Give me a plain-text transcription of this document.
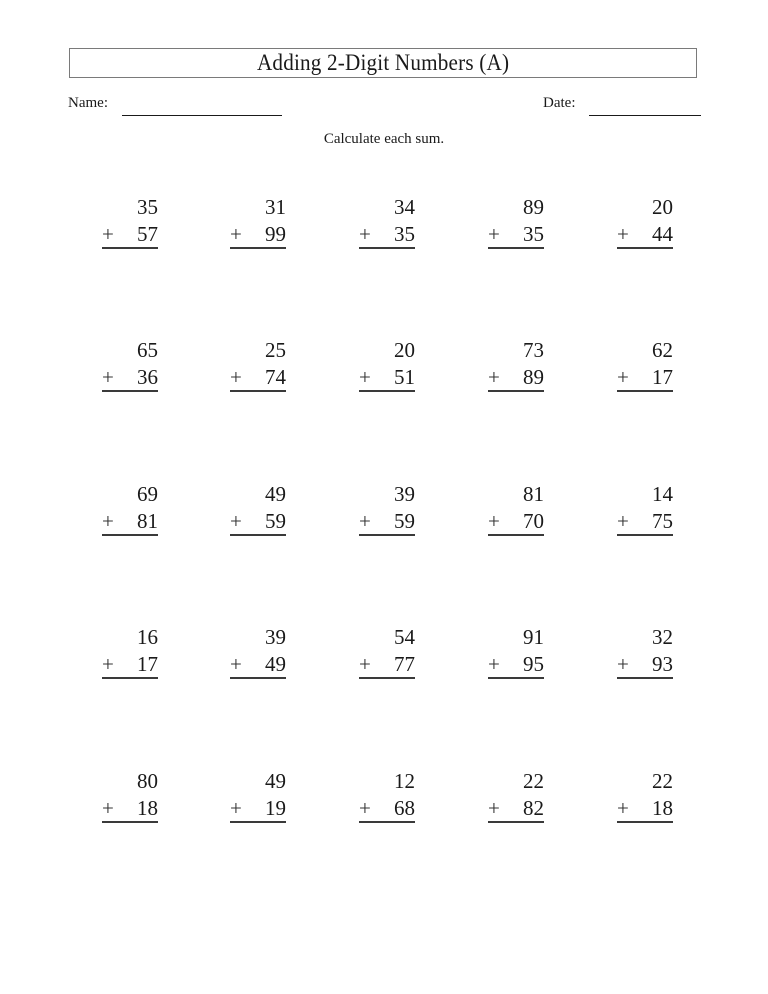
Adding 2-Digit Numbers (A)
Name:	Date:
Calculate each sum.
35
+ 57
31
+ 99
34
+ 35
89
+ 35
20
+ 44
65
+ 36
25
+ 74
20
+ 51
73
+ 89
62
+ 17
69
+ 81
49
+ 59
39
+ 59
81
+ 70
14
+ 75
16
+ 17
39
+ 49
54
+ 77
91
+ 95
32
+ 93
80
+ 18
49
+ 19
12
+ 68
22
+ 82
22
+ 18
